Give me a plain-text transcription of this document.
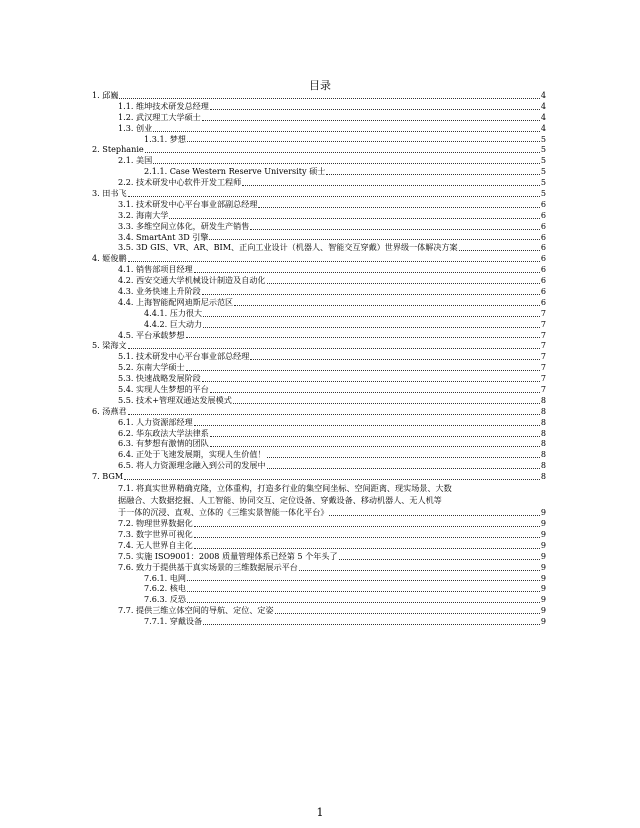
目录
1. 邱巍	4
1.1. 维坤技术研发总经理	4
1.2. 武汉理工大学硕士	4
1.3. 创业	4
1.3.1. 梦想	5
2. Stephanie	5
2.1. 美国	5
2.1.1. Case Western Reserve University 硕士	5
2.2. 技术研发中心软件开发工程师	5
3. 田书飞	5
3.1. 技术研发中心平台事业部副总经理	6
3.2. 海南大学	6
3.3. 多维空间立体化，研发生产销售	6
3.4. SmartAnt 3D 引擎	6
3.5. 3D GIS、VR、AR、BIM、正向工业设计（机器人、智能交互穿戴）世界级一体解决方案	6
4. 姬俊鹏	6
4.1. 销售部项目经理	6
4.2. 西安交通大学机械设计制造及自动化	6
4.3. 业务快速上升阶段	6
4.4. 上海智能配网迪斯尼示范区	6
4.4.1. 压力很大	7
4.4.2. 巨大动力	7
4.5. 平台承载梦想	7
5. 梁海文	7
5.1. 技术研发中心平台事业部总经理	7
5.2. 东南大学硕士	7
5.3. 快速战略发展阶段	7
5.4. 实现人生梦想的平台	7
5.5. 技术+管理双通达发展模式	8
6. 汤燕君	8
6.1. 人力资源部经理	8
6.2. 华东政法大学法律系	8
6.3. 有梦想有激情的团队	8
6.4. 正处于飞速发展期，实现人生价值！	8
6.5. 将人力资源理念融入到公司的发展中	8
7. BGM	8
7.1. 将真实世界精确克隆，立体重构，打造多行业的集空间坐标、空间距离、现实场景、大数
据融合、大数据挖掘、人工智能、协同交互、定位设备、穿戴设备、移动机器人、无人机等
于一体的沉浸、直观、立体的《三维实景智能一体化平台》	9
7.2. 物理世界数据化	9
7.3. 数字世界可视化	9
7.4. 无人世界自主化	9
7.5. 实施 ISO9001：2008 质量管理体系已经第 5 个年头了	9
7.6. 致力于提供基于真实场景的三维数据展示平台	9
7.6.1. 电网	9
7.6.2. 核电	9
7.6.3. 反恐	9
7.7. 提供三维立体空间的导航、定位、定姿	9
7.7.1. 穿戴设备	9
1
